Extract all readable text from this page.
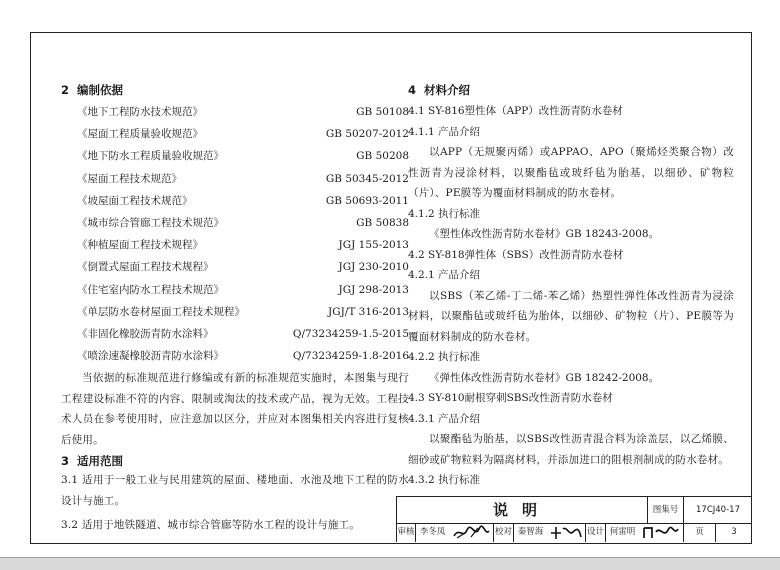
2 编制依据
《地下工程防水技术规范》	GB 50108
《屋面工程质量验收规范》	GB 50207-2012
《地下防水工程质量验收规范》	GB 50208
《屋面工程技术规范》	GB 50345-2012
《坡屋面工程技术规范》	GB 50693-2011
《城市综合管廊工程技术规范》	GB 50838
《种植屋面工程技术规程》	JGJ 155-2013
《倒置式屋面工程技术规程》	JGJ 230-2010
《住宅室内防水工程技术规范》	JGJ 298-2013
《单层防水卷材屋面工程技术规程》	JGJ/T 316-2013
《非固化橡胶沥青防水涂料》	Q/73234259-1.5-2015
《喷涂速凝橡胶沥青防水涂料》	Q/73234259-1.8-2016
当依据的标准规范进行修编或有新的标准规范实施时，本图集与现行工程建设标准不符的内容、限制或淘汰的技术或产品，视为无效。工程技术人员在参考使用时，应注意加以区分，并应对本图集相关内容进行复核后使用。
3 适用范围
3.1 适用于一般工业与民用建筑的屋面、楼地面、水池及地下工程的防水设计与施工。
3.2 适用于地铁隧道、城市综合管廊等防水工程的设计与施工。
4 材料介绍
4.1 SY-816塑性体（APP）改性沥青防水卷材
4.1.1 产品介绍
以APP（无规聚丙烯）或APPAO、APO（聚烯烃类聚合物）改性沥青为浸涂材料，以聚酯毡或玻纤毡为胎基，以细砂、矿物粒（片）、PE膜等为覆面材料制成的防水卷材。
4.1.2 执行标准
《塑性体改性沥青防水卷材》GB 18243-2008。
4.2 SY-818弹性体（SBS）改性沥青防水卷材
4.2.1 产品介绍
以SBS（苯乙烯-丁二烯-苯乙烯）热塑性弹性体改性沥青为浸涂材料，以聚酯毡或玻纤毡为胎体，以细砂、矿物粒（片）、PE膜等为覆面材料制成的防水卷材。
4.2.2 执行标准
《弹性体改性沥青防水卷材》GB 18242-2008。
4.3 SY-810耐根穿刺SBS改性沥青防水卷材
4.3.1 产品介绍
以聚酯毡为胎基，以SBS改性沥青混合料为涂盖层，以乙烯膜、细砂或矿物粒料为隔离材料，并添加进口的阻根剂制成的防水卷材。
4.3.2 执行标准
说明	图集号	17CJ40-17
审核 李冬凤	校对 秦智海	设计 何雷明	页	3
